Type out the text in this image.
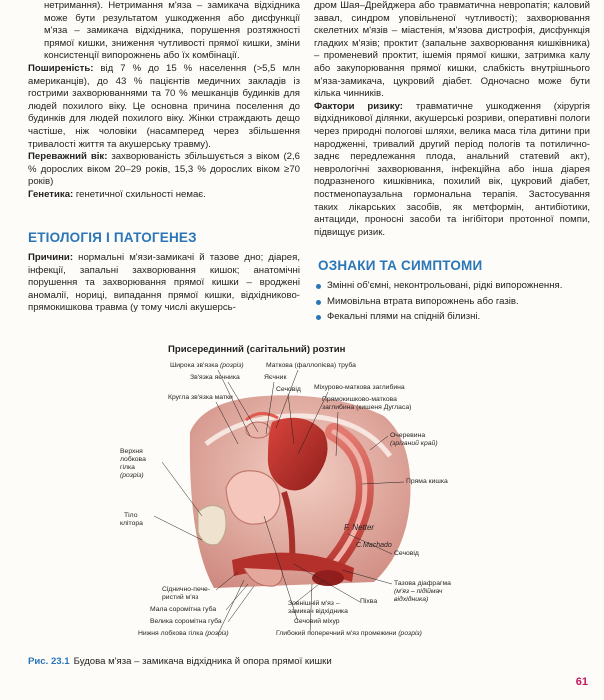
нетримання). Нетримання м'яза – замикача відхідника може бути результатом ушкодження або дисфункції м'яза – замикача відхідника, порушення розтяжності прямої кишки, зниження чутливості прямої кишки, зміни консистенції випорожнень або їх комбінації.

Поширеність: від 7 % до 15 % населення (>5,5 млн американців), до 43 % пацієнтів медичних закладів із гострими захворюваннями та 70 % мешканців будинків для людей похилого віку. Це основна причина поселення до будинків для людей похилого віку. Жінки страждають дещо частіше, ніж чоловіки (насамперед через збільшення тривалості життя та акушерську травму).

Переважний вік: захворюваність збільшується з віком (2,6 % дорослих віком 20–29 років, 15,3 % дорослих віком ≥70 років)

Генетика: генетичної схильності немає.

ЕТІОЛОГІЯ І ПАТОГЕНЕЗ

Причини: нормальні м'язи-замикачі й тазове дно; діарея, інфекції, запальні захворювання кишок; анатомічні порушення та захворювання прямої кишки – вроджені аномалії, нориці, випадання прямої кишки, відхідниково-прямокишкова травма (у тому числі акушерсь-

дром Шая–Дрейджера або травматична невропатія; каловий завал, синдром уповільненої чутливості); захворювання скелетних м'язів – міастенія, м'язова дистрофія, дисфункція гладких м'язів; проктит (запальне захворювання кишківника) – променевий проктит, ішемія прямої кишки, затримка калу або закупорювання прямої кишки, слабкість внутрішнього м'яза-замикача, цукровий діабет. Одночасно може бути кілька чинників.

Фактори ризику: травматичне ушкодження (хірургія відхідникової ділянки, акушерські розриви, оперативні пологи через природні пологові шляхи, велика маса тіла дитини при народженні, тривалий другий період пологів та потилично-заднє передлежання плода, анальний статевий акт), неврологічні захворювання, інфекційна або інша діарея подразненого кишківника, похилий вік, цукровий діабет, постменопаузальна гормональна терапія. Застосування таких лікарських засобів, як метформін, антибіотики, антациди, проносні засоби та інгібітори протонної помпи, підвищує ризик.

ОЗНАКИ ТА СИМПТОМИ
Змінні об'ємні, неконтрольовані, рідкі випорожнення.
Мимовільна втрата випорожнень або газів.
Фекальні плями на спідній білизні.

Присерединний (сагітальний) розтин

F. Netter
C.Machado
Широка зв'язка (розріз)	Маткова (фаллопієва) труба
Зв'язка яєчника	Яєчник
Кругла зв'язка матки
Сечовід Міхурово-маткова заглибина
Прямокишково-маткова
заглибина (кишеня Дугласа)
Очеревина
(зрізаний край)
Пряма кишка
Сечовід
Тазова діафрагма
(м'яз – підіймач
відхідника)
Верхня
лобкова
гілка
(розріз)
Тіло
клітора
Сіднично-пече-
ристий м'яз
Мала соромітна губа
Велика соромітна губа
Нижня лобкова гілка (розріз)
Зовнішній м'яз –
замикач відхідника
Сечовий міхур
Піхва
Глибокий поперечний м'яз промежини (розріз)

Рис. 23.1 Будова м'яза – замикача відхідника й опора прямої кишки

61
